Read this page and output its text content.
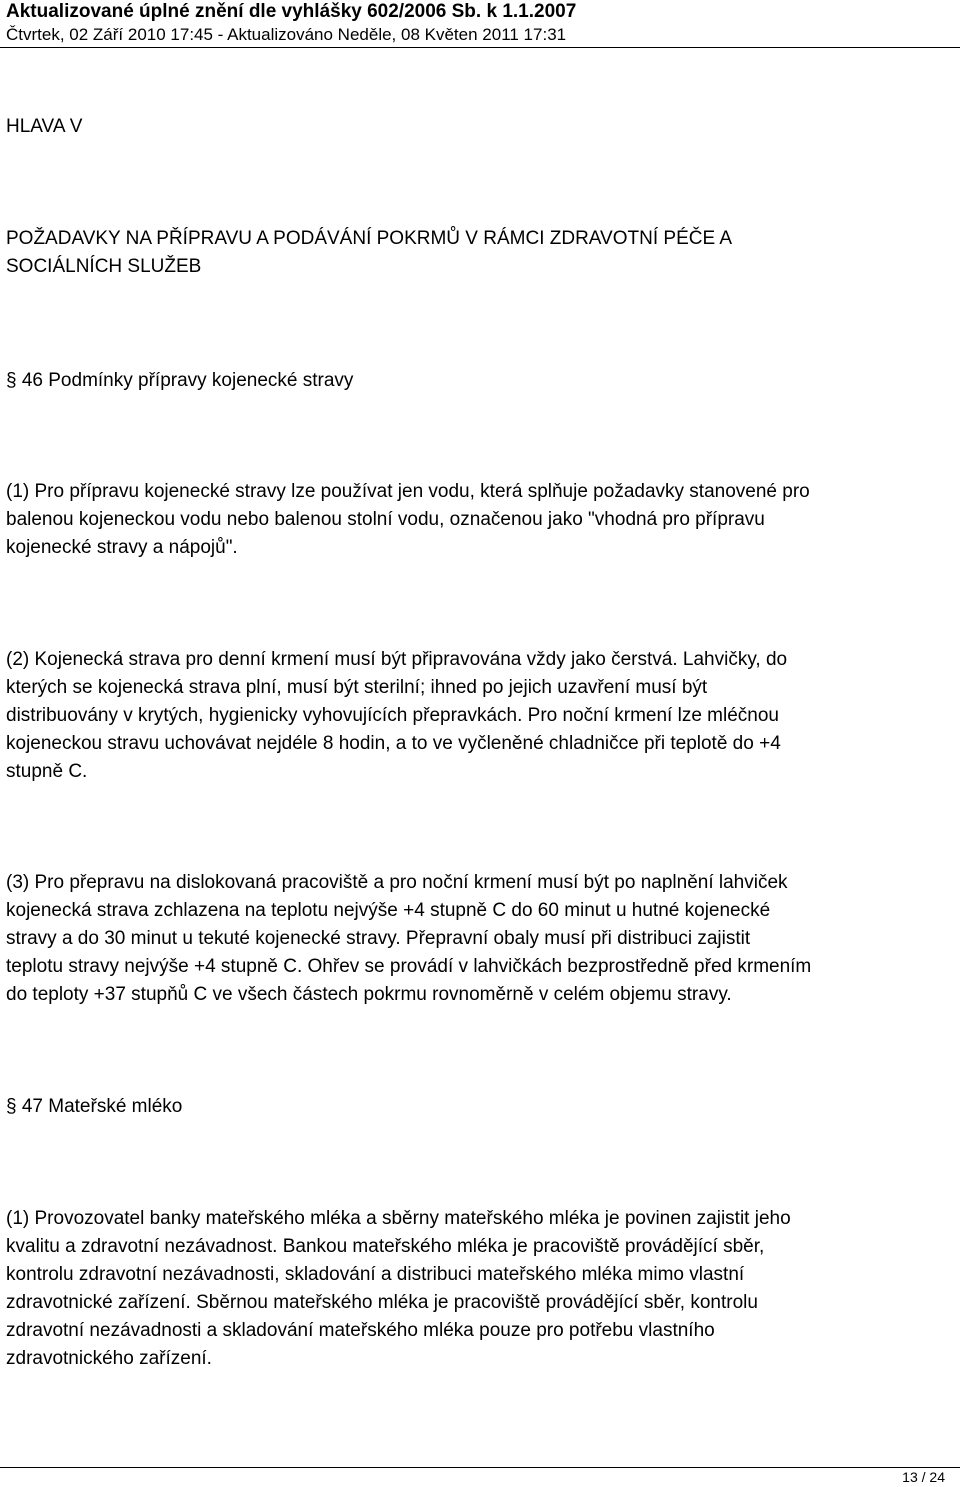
Aktualizované úplné znění dle vyhlášky 602/2006 Sb. k 1.1.2007
Čtvrtek, 02 Září 2010 17:45 - Aktualizováno Neděle, 08 Květen 2011 17:31
HLAVA V
POŽADAVKY NA PŘÍPRAVU A PODÁVÁNÍ POKRMŮ V RÁMCI ZDRAVOTNÍ PÉČE A
SOCIÁLNÍCH SLUŽEB
§ 46 Podmínky přípravy kojenecké stravy
(1) Pro přípravu kojenecké stravy lze používat jen vodu, která splňuje požadavky stanovené pro
balenou kojeneckou vodu nebo balenou stolní vodu, označenou jako "vhodná pro přípravu
kojenecké stravy a nápojů".
(2) Kojenecká strava pro denní krmení musí být připravována vždy jako čerstvá. Lahvičky, do
kterých se kojenecká strava plní, musí být sterilní; ihned po jejich uzavření musí být
distribuovány v krytých, hygienicky vyhovujících přepravkách. Pro noční krmení lze mléčnou
kojeneckou stravu uchovávat nejdéle 8 hodin, a to ve vyčleněné chladničce při teplotě do +4
stupně C.
(3) Pro přepravu na dislokovaná pracoviště a pro noční krmení musí být po naplnění lahviček
kojenecká strava zchlazena na teplotu nejvýše +4 stupně C do 60 minut u hutné kojenecké
stravy a do 30 minut u tekuté kojenecké stravy. Přepravní obaly musí při distribuci zajistit
teplotu stravy nejvýše +4 stupně C. Ohřev se provádí v lahvičkách bezprostředně před krmením
do teploty +37 stupňů C ve všech částech pokrmu rovnoměrně v celém objemu stravy.
§ 47 Mateřské mléko
(1) Provozovatel banky mateřského mléka a sběrny mateřského mléka je povinen zajistit jeho
kvalitu a zdravotní nezávadnost. Bankou mateřského mléka je pracoviště provádějící sběr,
kontrolu zdravotní nezávadnosti, skladování a distribuci mateřského mléka mimo vlastní
zdravotnické zařízení. Sběrnou mateřského mléka je pracoviště provádějící sběr, kontrolu
zdravotní nezávadnosti a skladování mateřského mléka pouze pro potřebu vlastního
zdravotnického zařízení.
13 / 24
